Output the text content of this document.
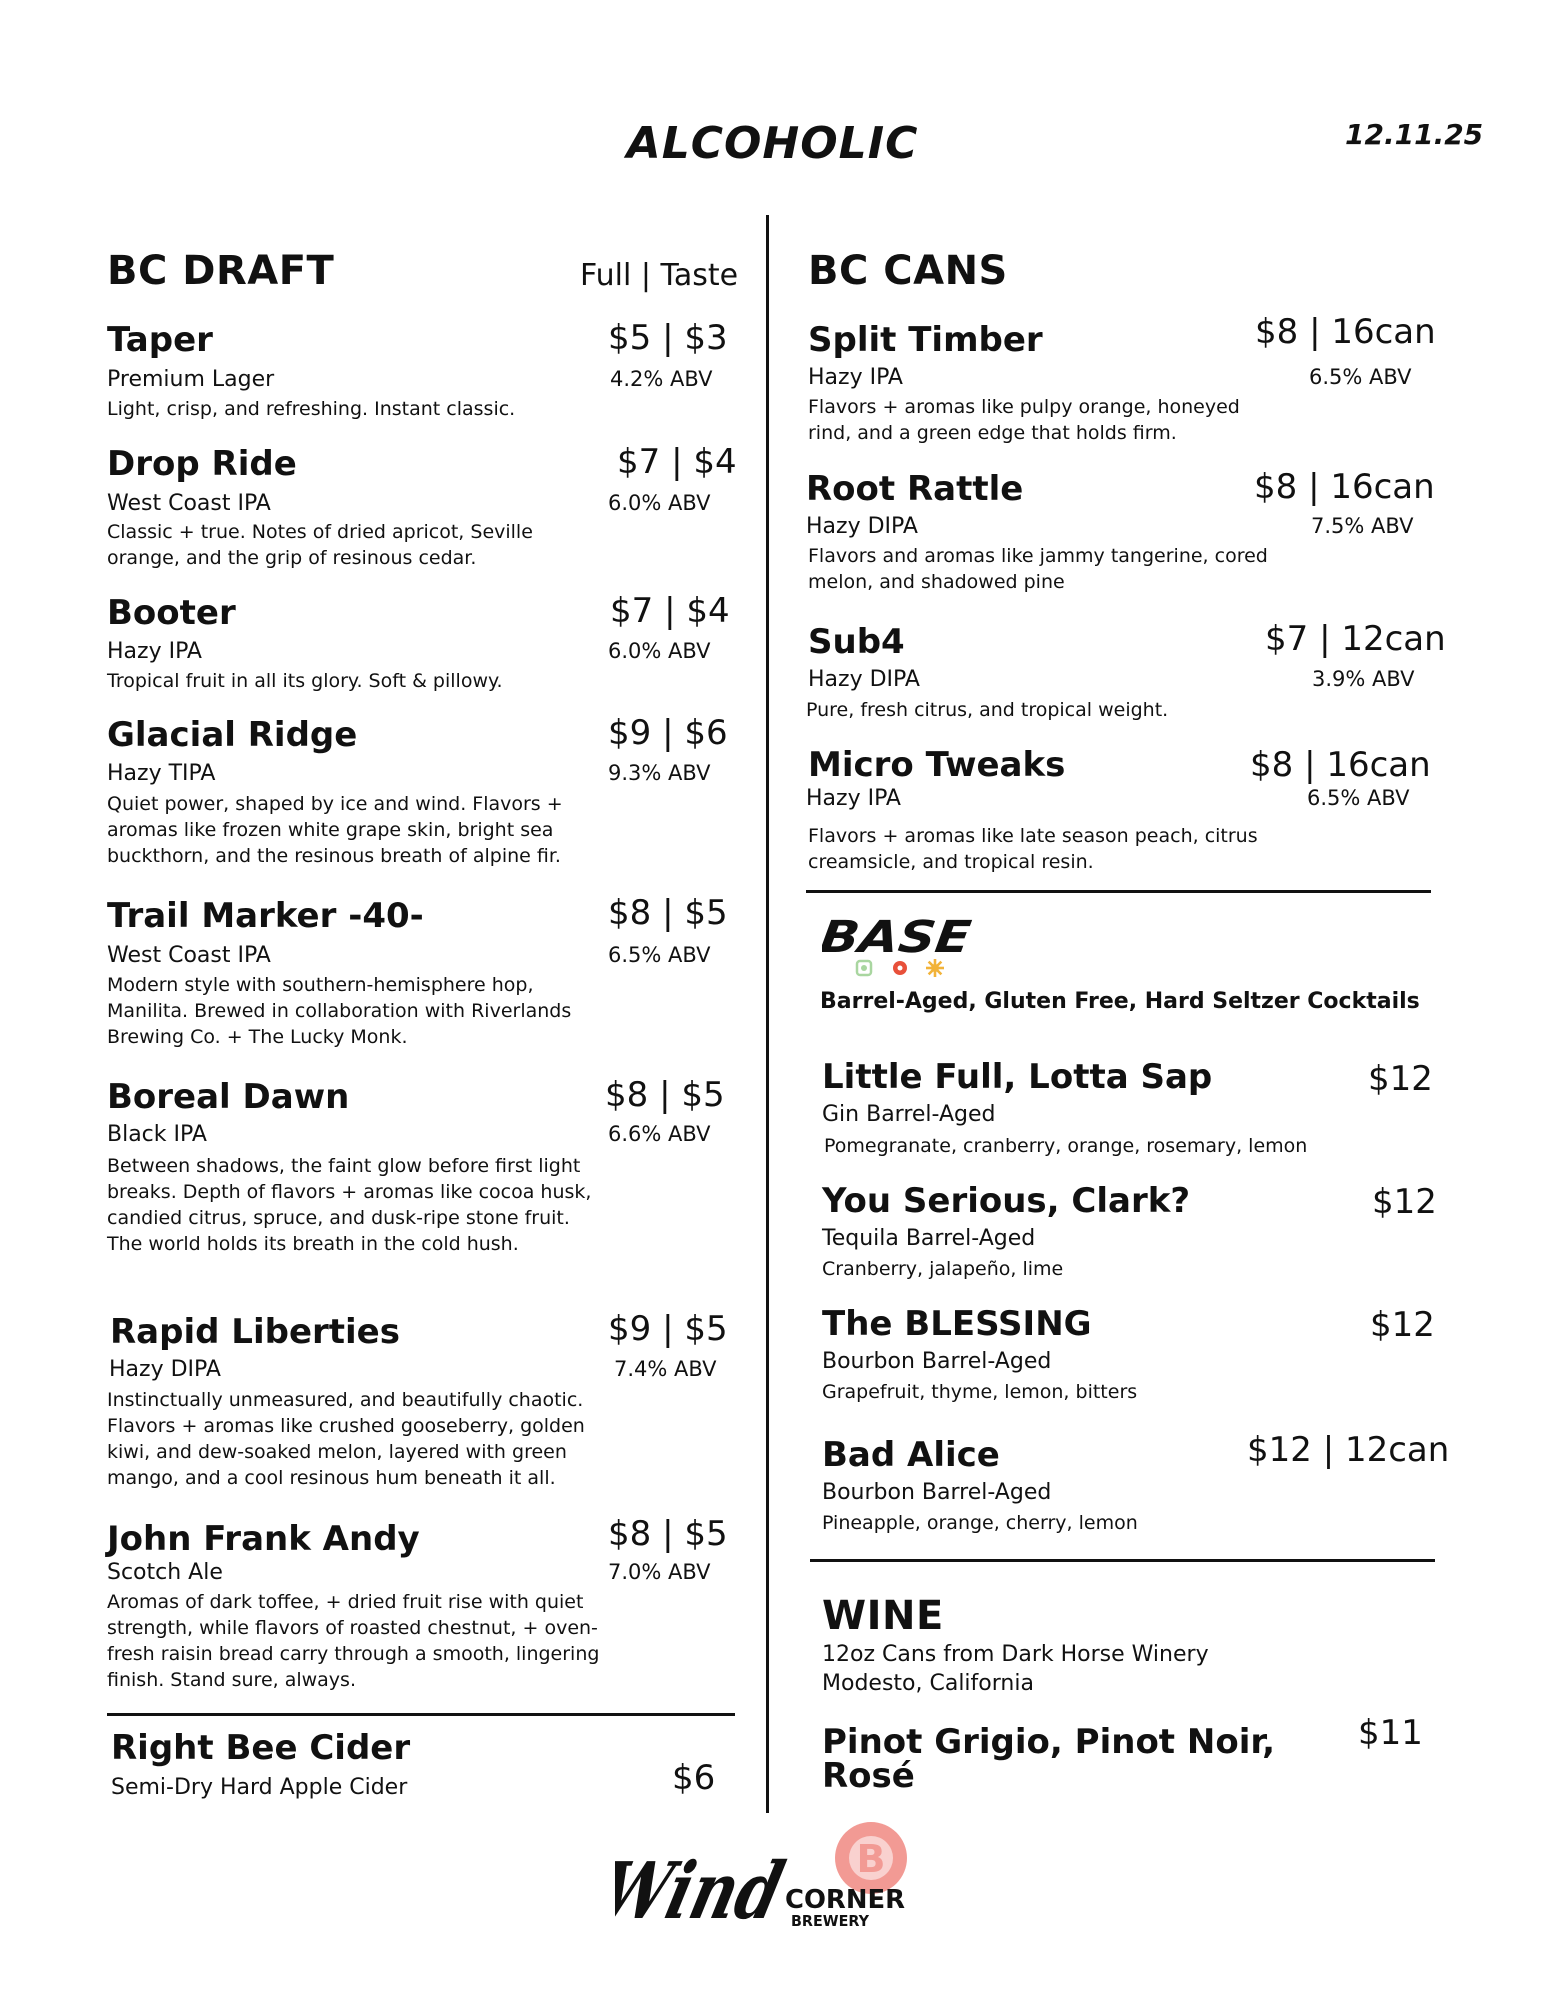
ALCOHOLIC	12.11.25
BC DRAFT	Full | Taste
Taper	$5 | $3
Premium Lager	4.2% ABV
Light, crisp, and refreshing. Instant classic.
Drop Ride	$7 | $4
West Coast IPA	6.0% ABV
Classic + true. Notes of dried apricot, Seville orange, and the grip of resinous cedar.
Booter	$7 | $4
Hazy IPA	6.0% ABV
Tropical fruit in all its glory. Soft & pillowy.
Glacial Ridge	$9 | $6
Hazy TIPA	9.3% ABV
Quiet power, shaped by ice and wind. Flavors + aromas like frozen white grape skin, bright sea buckthorn, and the resinous breath of alpine fir.
Trail Marker -40-	$8 | $5
West Coast IPA	6.5% ABV
Modern style with southern-hemisphere hop, Manilita. Brewed in collaboration with Riverlands Brewing Co. + The Lucky Monk.
Boreal Dawn	$8 | $5
Black IPA	6.6% ABV
Between shadows, the faint glow before first light breaks. Depth of flavors + aromas like cocoa husk, candied citrus, spruce, and dusk-ripe stone fruit. The world holds its breath in the cold hush.
Rapid Liberties	$9 | $5
Hazy DIPA	7.4% ABV
Instinctually unmeasured, and beautifully chaotic. Flavors + aromas like crushed gooseberry, golden kiwi, and dew-soaked melon, layered with green mango, and a cool resinous hum beneath it all.
John Frank Andy	$8 | $5
Scotch Ale	7.0% ABV
Aromas of dark toffee, + dried fruit rise with quiet strength, while flavors of roasted chestnut, + oven-fresh raisin bread carry through a smooth, lingering finish. Stand sure, always.
Right Bee Cider
Semi-Dry Hard Apple Cider	$6
BC CANS
Split Timber	$8 | 16can
Hazy IPA	6.5% ABV
Flavors + aromas like pulpy orange, honeyed rind, and a green edge that holds firm.
Root Rattle	$8 | 16can
Hazy DIPA	7.5% ABV
Flavors and aromas like jammy tangerine, cored melon, and shadowed pine
Sub4	$7 | 12can
Hazy DIPA	3.9% ABV
Pure, fresh citrus, and tropical weight.
Micro Tweaks	$8 | 16can
Hazy IPA	6.5% ABV
Flavors + aromas like late season peach, citrus creamsicle, and tropical resin.
BASE
Barrel-Aged, Gluten Free, Hard Seltzer Cocktails
Little Full, Lotta Sap	$12
Gin Barrel-Aged
Pomegranate, cranberry, orange, rosemary, lemon
You Serious, Clark?	$12
Tequila Barrel-Aged
Cranberry, jalapeño, lime
The BLESSING	$12
Bourbon Barrel-Aged
Grapefruit, thyme, lemon, bitters
Bad Alice	$12 | 12can
Bourbon Barrel-Aged
Pineapple, orange, cherry, lemon
WINE
12oz Cans from Dark Horse Winery
Modesto, California
Pinot Grigio, Pinot Noir,
Rosé
$11
B
Wind
CORNER
BREWERY
